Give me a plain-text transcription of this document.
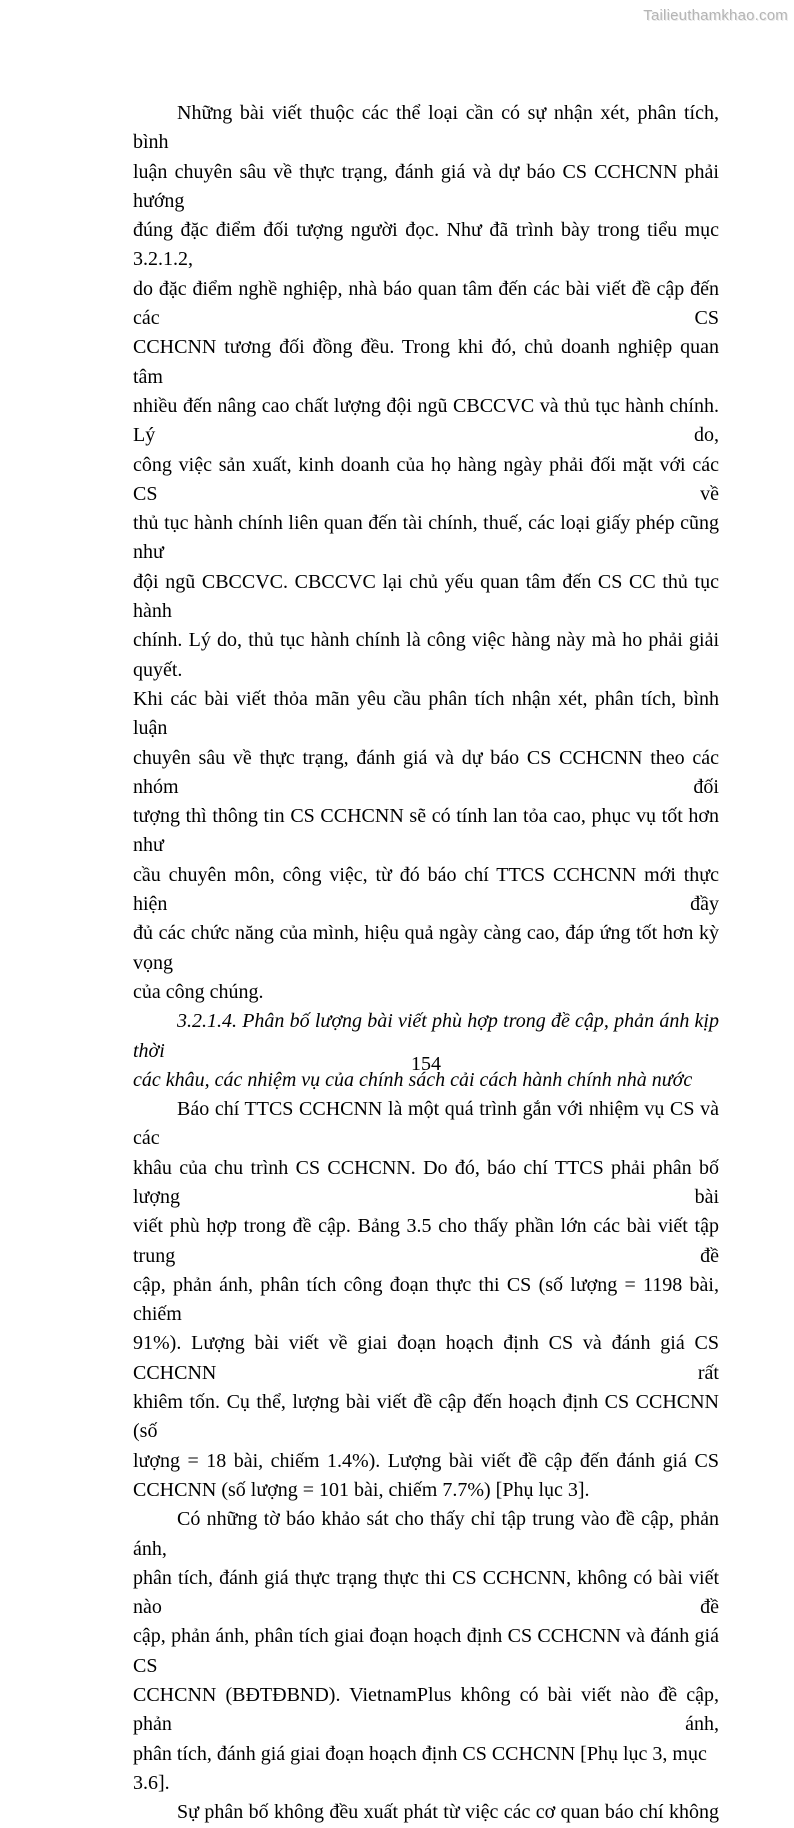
Tailieuthamkhao.com
Những bài viết thuộc các thể loại cần có sự nhận xét, phân tích, bình
luận chuyên sâu về thực trạng, đánh giá và dự báo CS CCHCNN phải hướng
đúng đặc điểm đối tượng người đọc. Như đã trình bày trong tiểu mục 3.2.1.2,
do đặc điểm nghề nghiệp, nhà báo quan tâm đến các bài viết đề cập đến các CS
CCHCNN tương đối đồng đều. Trong khi đó, chủ doanh nghiệp quan tâm
nhiều đến nâng cao chất lượng đội ngũ CBCCVC và thủ tục hành chính. Lý do,
công việc sản xuất, kinh doanh của họ hàng ngày phải đối mặt với các CS về
thủ tục hành chính liên quan đến tài chính, thuế, các loại giấy phép cũng như
đội ngũ CBCCVC. CBCCVC lại chủ yếu quan tâm đến CS CC thủ tục hành
chính. Lý do, thủ tục hành chính là công việc hàng này mà ho phải giải quyết.
Khi các bài viết thỏa mãn yêu cầu phân tích nhận xét, phân tích, bình luận
chuyên sâu về thực trạng, đánh giá và dự báo CS CCHCNN theo các nhóm đối
tượng thì thông tin CS CCHCNN sẽ có tính lan tỏa cao, phục vụ tốt hơn như
cầu chuyên môn, công việc, từ đó báo chí TTCS CCHCNN mới thực hiện đầy
đủ các chức năng của mình, hiệu quả ngày càng cao, đáp ứng tốt hơn kỳ vọng
của công chúng.
3.2.1.4. Phân bố lượng bài viết phù hợp trong đề cập, phản ánh kịp thời
các khâu, các nhiệm vụ của chính sách cải cách hành chính nhà nước
Báo chí TTCS CCHCNN là một quá trình gắn với nhiệm vụ CS và các
khâu của chu trình CS CCHCNN. Do đó, báo chí TTCS phải phân bố lượng bài
viết phù hợp trong đề cập. Bảng 3.5 cho thấy phần lớn các bài viết tập trung đề
cập, phản ánh, phân tích công đoạn thực thi CS (số lượng = 1198 bài, chiếm
91%). Lượng bài viết về giai đoạn hoạch định CS và đánh giá CS CCHCNN rất
khiêm tốn. Cụ thể, lượng bài viết đề cập đến hoạch định CS CCHCNN (số
lượng = 18 bài, chiếm 1.4%). Lượng bài viết đề cập đến đánh giá CS
CCHCNN (số lượng = 101 bài, chiếm 7.7%) [Phụ lục 3].
Có những tờ báo khảo sát cho thấy chỉ tập trung vào đề cập, phản ánh,
phân tích, đánh giá thực trạng thực thi CS CCHCNN, không có bài viết nào đề
cập, phản ánh, phân tích giai đoạn hoạch định CS CCHCNN và đánh giá CS
CCHCNN (BĐTĐBND). VietnamPlus không có bài viết nào đề cập, phản ánh,
phân tích, đánh giá giai đoạn hoạch định CS CCHCNN [Phụ lục 3, mục 3.6].
Sự phân bố không đều xuất phát từ việc các cơ quan báo chí không
154
